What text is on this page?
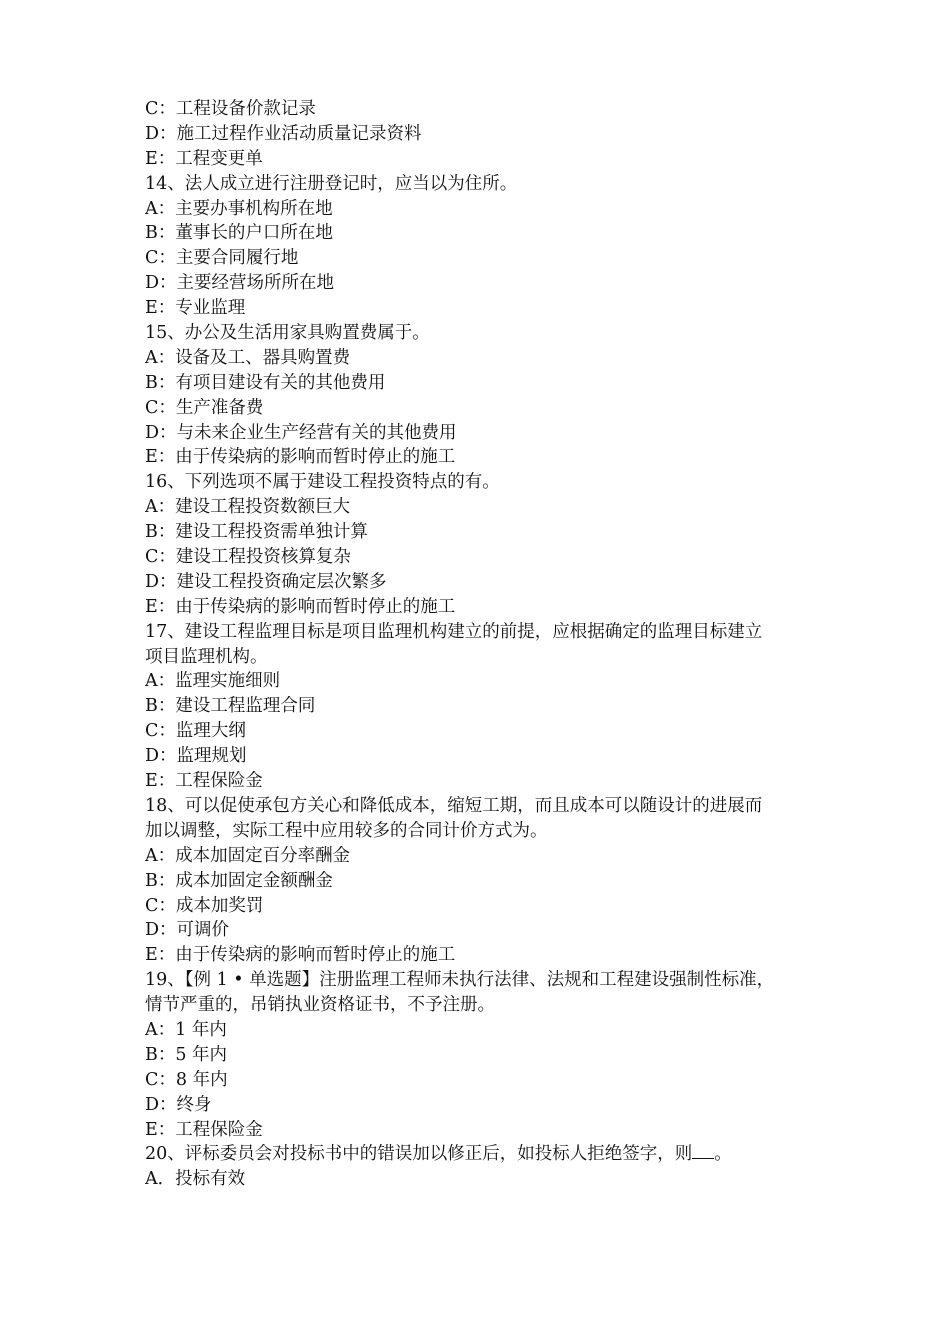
C：工程设备价款记录
D：施工过程作业活动质量记录资料
E：工程变更单
14、法人成立进行注册登记时，应当以为住所。
A：主要办事机构所在地
B：董事长的户口所在地
C：主要合同履行地
D：主要经营场所所在地
E：专业监理
15、办公及生活用家具购置费属于。
A：设备及工、器具购置费
B：有项目建设有关的其他费用
C：生产准备费
D：与未来企业生产经营有关的其他费用
E：由于传染病的影响而暂时停止的施工
16、下列选项不属于建设工程投资特点的有。
A：建设工程投资数额巨大
B：建设工程投资需单独计算
C：建设工程投资核算复杂
D：建设工程投资确定层次繁多
E：由于传染病的影响而暂时停止的施工
17、建设工程监理目标是项目监理机构建立的前提，应根据确定的监理目标建立
项目监理机构。
A：监理实施细则
B：建设工程监理合同
C：监理大纲
D：监理规划
E：工程保险金
18、可以促使承包方关心和降低成本，缩短工期，而且成本可以随设计的进展而
加以调整，实际工程中应用较多的合同计价方式为。
A：成本加固定百分率酬金
B：成本加固定金额酬金
C：成本加奖罚
D：可调价
E：由于传染病的影响而暂时停止的施工
19、【例 1 • 单选题】注册监理工程师未执行法律、法规和工程建设强制性标准，
情节严重的，吊销执业资格证书，不予注册。
A：1 年内
B：5 年内
C：8 年内
D：终身
E：工程保险金
20、评标委员会对投标书中的错误加以修正后，如投标人拒绝签字，则 。
A．投标有效
